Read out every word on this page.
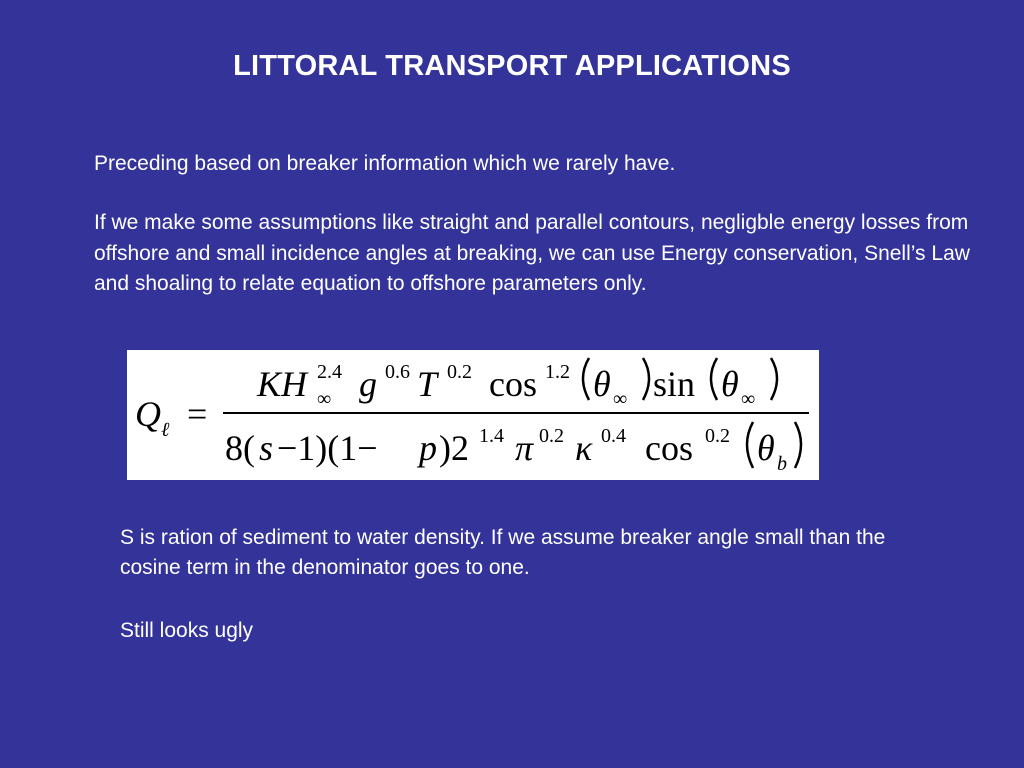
LITTORAL TRANSPORT APPLICATIONS
Preceding based on breaker information which we rarely have.
If we make some assumptions like straight and parallel contours, negligble energy losses from offshore and small incidence angles at breaking, we can use Energy conservation, Snell’s Law and shoaling to relate equation to offshore parameters only.
Q ℓ =
KH 2.4
∞ g 0.6 T 0.2 cos 1.2 θ ∞ sin θ ∞
8( s −1)(1− p )2 1.4 π 0.2 κ 0.4 cos 0.2 θ b
S is ration of sediment to water density. If we assume breaker angle small than the cosine term in the denominator goes to one.
Still looks ugly
